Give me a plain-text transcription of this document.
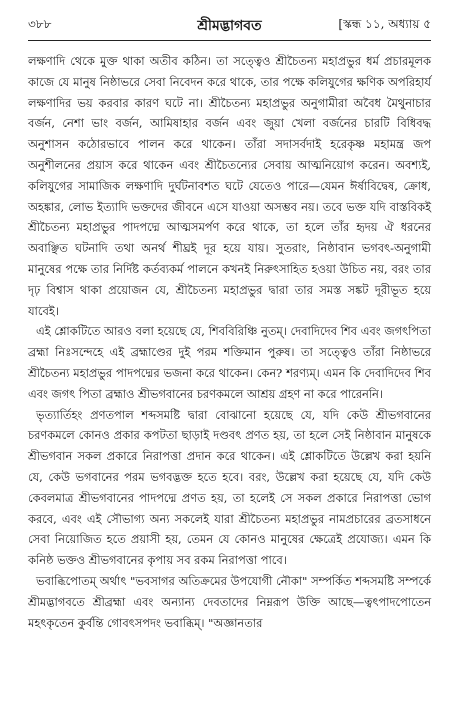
৩৮৮	শ্রীমদ্ভাগবত	[স্কন্ধ ১১, অধ্যায় ৫

লক্ষণাদি থেকে মুক্ত থাকা অতীব কঠিন। তা সত্ত্বেও শ্রীচৈতন্য মহাপ্রভুর ধর্ম প্রচারমূলক কাজে যে মানুষ নিষ্ঠাভরে সেবা নিবেদন করে থাকে, তার পক্ষে কলিযুগের ক্ষণিক অপরিহার্য লক্ষণাদির ভয় করবার কারণ ঘটে না। শ্রীচৈতন্য মহাপ্রভুর অনুগামীরা অবৈধ মৈথুনাচার বর্জন, নেশা ভাং বর্জন, আমিষাহার বর্জন এবং জুয়া খেলা বর্জনের চারটি বিধিবদ্ধ অনুশাসন কঠোরভাবে পালন করে থাকেন। তাঁরা সদাসর্বদাই হরেকৃষ্ণ মহামন্ত্র জপ অনুশীলনের প্রয়াস করে থাকেন এবং শ্রীচৈতন্যের সেবায় আত্মনিয়োগ করেন। অবশ্যই, কলিযুগের সামাজিক লক্ষণাদি দুর্ঘটনাবশত ঘটে যেতেও পারে—যেমন ঈর্ষাবিদ্বেষ, ক্রোধ, অহঙ্কার, লোভ ইত্যাদি ভক্তদের জীবনে এসে যাওয়া অসম্ভব নয়। তবে ভক্ত যদি বাস্তবিকই শ্রীচৈতন্য মহাপ্রভুর পাদপদ্মে আত্মসমর্পণ করে থাকে, তা হলে তাঁর হৃদয় ঐ ধরনের অবাঞ্ছিত ঘটনাদি তথা অনর্থ শীঘ্রই দূর হয়ে যায়। সুতরাং, নিষ্ঠাবান ভগবৎ-অনুগামী মানুষের পক্ষে তার নির্দিষ্ট কর্তব্যকর্ম পালনে কখনই নিরুৎসাহিত হওয়া উচিত নয়, বরং তার দৃঢ় বিশ্বাস থাকা প্রয়োজন যে, শ্রীচৈতন্য মহাপ্রভুর দ্বারা তার সমস্ত সঙ্কট দূরীভূত হয়ে যাবেই।

এই শ্লোকটিতে আরও বলা হয়েছে যে, শিববিরিঞ্চি নুতম্। দেবাদিদেব শিব এবং জগৎপিতা ব্রহ্মা নিঃসন্দেহে এই ব্রহ্মাণ্ডের দুই পরম শক্তিমান পুরুষ। তা সত্ত্বেও তাঁরা নিষ্ঠাভরে শ্রীচৈতন্য মহাপ্রভুর পাদপদ্মের ভজনা করে থাকেন। কেন? শরণ্যম্। এমন কি দেবাদিদেব শিব এবং জগৎ পিতা ব্রহ্মাও শ্রীভগবানের চরণকমলে আশ্রয় গ্রহণ না করে পারেননি।

ভৃত্যার্তিহং প্রণতপাল শব্দসমষ্টি দ্বারা বোঝানো হয়েছে যে, যদি কেউ শ্রীভগবানের চরণকমলে কোনও প্রকার কপটতা ছাড়াই দণ্ডবৎ প্রণত হয়, তা হলে সেই নিষ্ঠাবান মানুষকে শ্রীভগবান সকল প্রকারে নিরাপত্তা প্রদান করে থাকেন। এই শ্লোকটিতে উল্লেখ করা হয়নি যে, কেউ ভগবানের পরম ভগবদ্ভক্ত হতে হবে। বরং, উল্লেখ করা হয়েছে যে, যদি কেউ কেবলমাত্র শ্রীভগবানের পাদপদ্মে প্রণত হয়, তা হলেই সে সকল প্রকারে নিরাপত্তা ভোগ করবে, এবং এই সৌভাগ্য অন্য সকলেই যারা শ্রীচৈতন্য মহাপ্রভুর নামপ্রচারের ব্রতসাধনে সেবা নিয়োজিত হতে প্রয়াসী হয়, তেমন যে কোনও মানুষের ক্ষেত্রেই প্রযোজ্য। এমন কি কনিষ্ঠ ভক্তও শ্রীভগবানের কৃপায় সব রকম নিরাপত্তা পাবে।

ভবাব্ধিপোতম্ অর্থাৎ "ভবসাগর অতিক্রমের উপযোগী নৌকা" সম্পর্কিত শব্দসমষ্টি সম্পর্কে শ্রীমদ্ভাগবতে শ্রীব্রহ্মা এবং অন্যান্য দেবতাদের নিম্নরূপ উক্তি আছে—ত্বৎপাদপোতেন মহৎকৃতেন কুর্বন্তি গোবৎসপদং ভবাব্ধিম্। "অজ্ঞানতার
